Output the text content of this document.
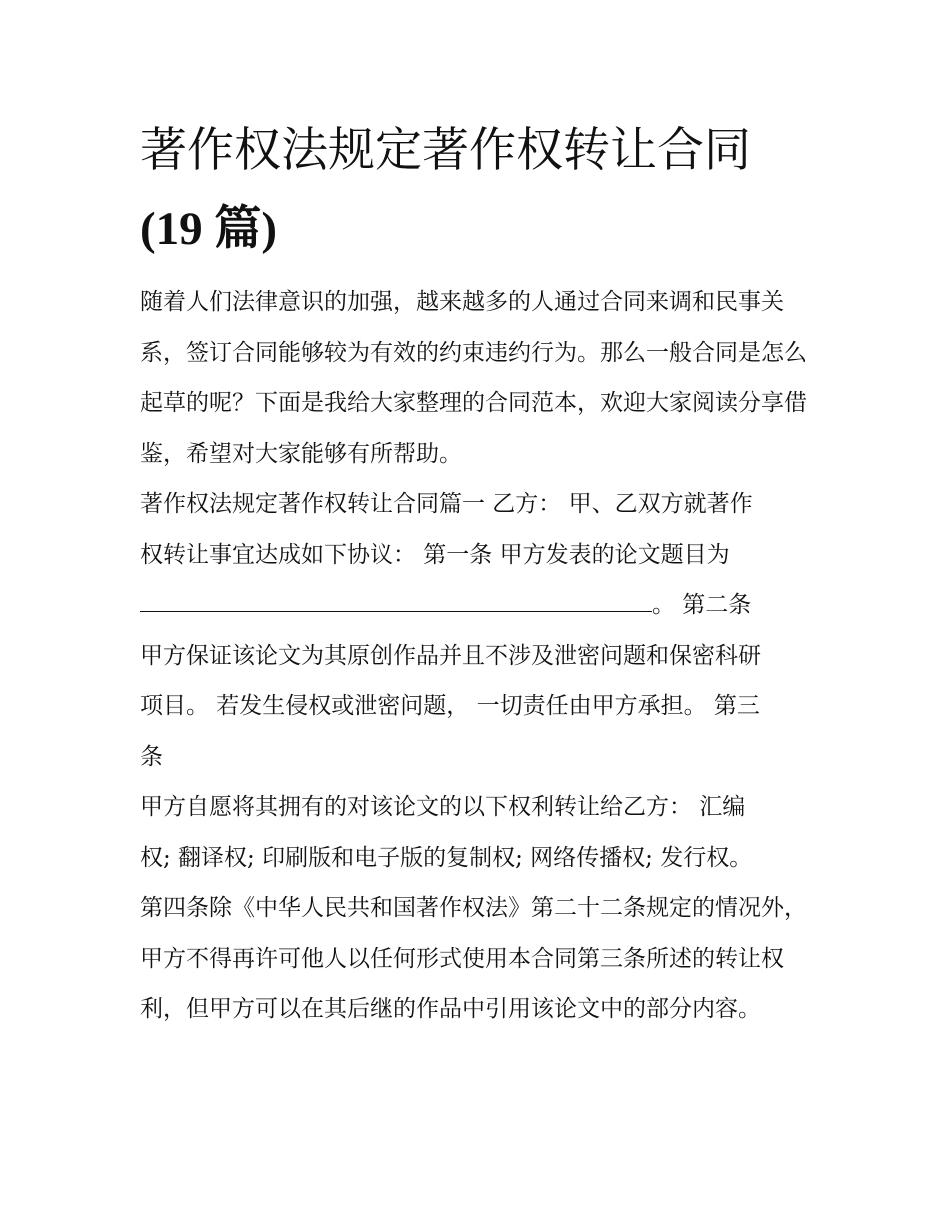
著作权法规定著作权转让合同
(19 篇)

随着人们法律意识的加强，越来越多的人通过合同来调和民事关系，签订合同能够较为有效的约束违约行为。那么一般合同是怎么起草的呢？下面是我给大家整理的合同范本，欢迎大家阅读分享借鉴，希望对大家能够有所帮助。

著作权法规定著作权转让合同篇一 乙方： 甲、乙双方就著作
权转让事宜达成如下协议： 第一条 甲方发表的论文题目为
。 第二条

甲方保证该论文为其原创作品并且不涉及泄密问题和保密科研
项目。 若发生侵权或泄密问题， 一切责任由甲方承担。 第三
条

甲方自愿将其拥有的对该论文的以下权利转让给乙方： 汇编
权; 翻译权; 印刷版和电子版的复制权; 网络传播权; 发行权。

第四条除《中华人民共和国著作权法》第二十二条规定的情况外，甲方不得再许可他人以任何形式使用本合同第三条所述的转让权利，但甲方可以在其后继的作品中引用该论文中的部分内容。
